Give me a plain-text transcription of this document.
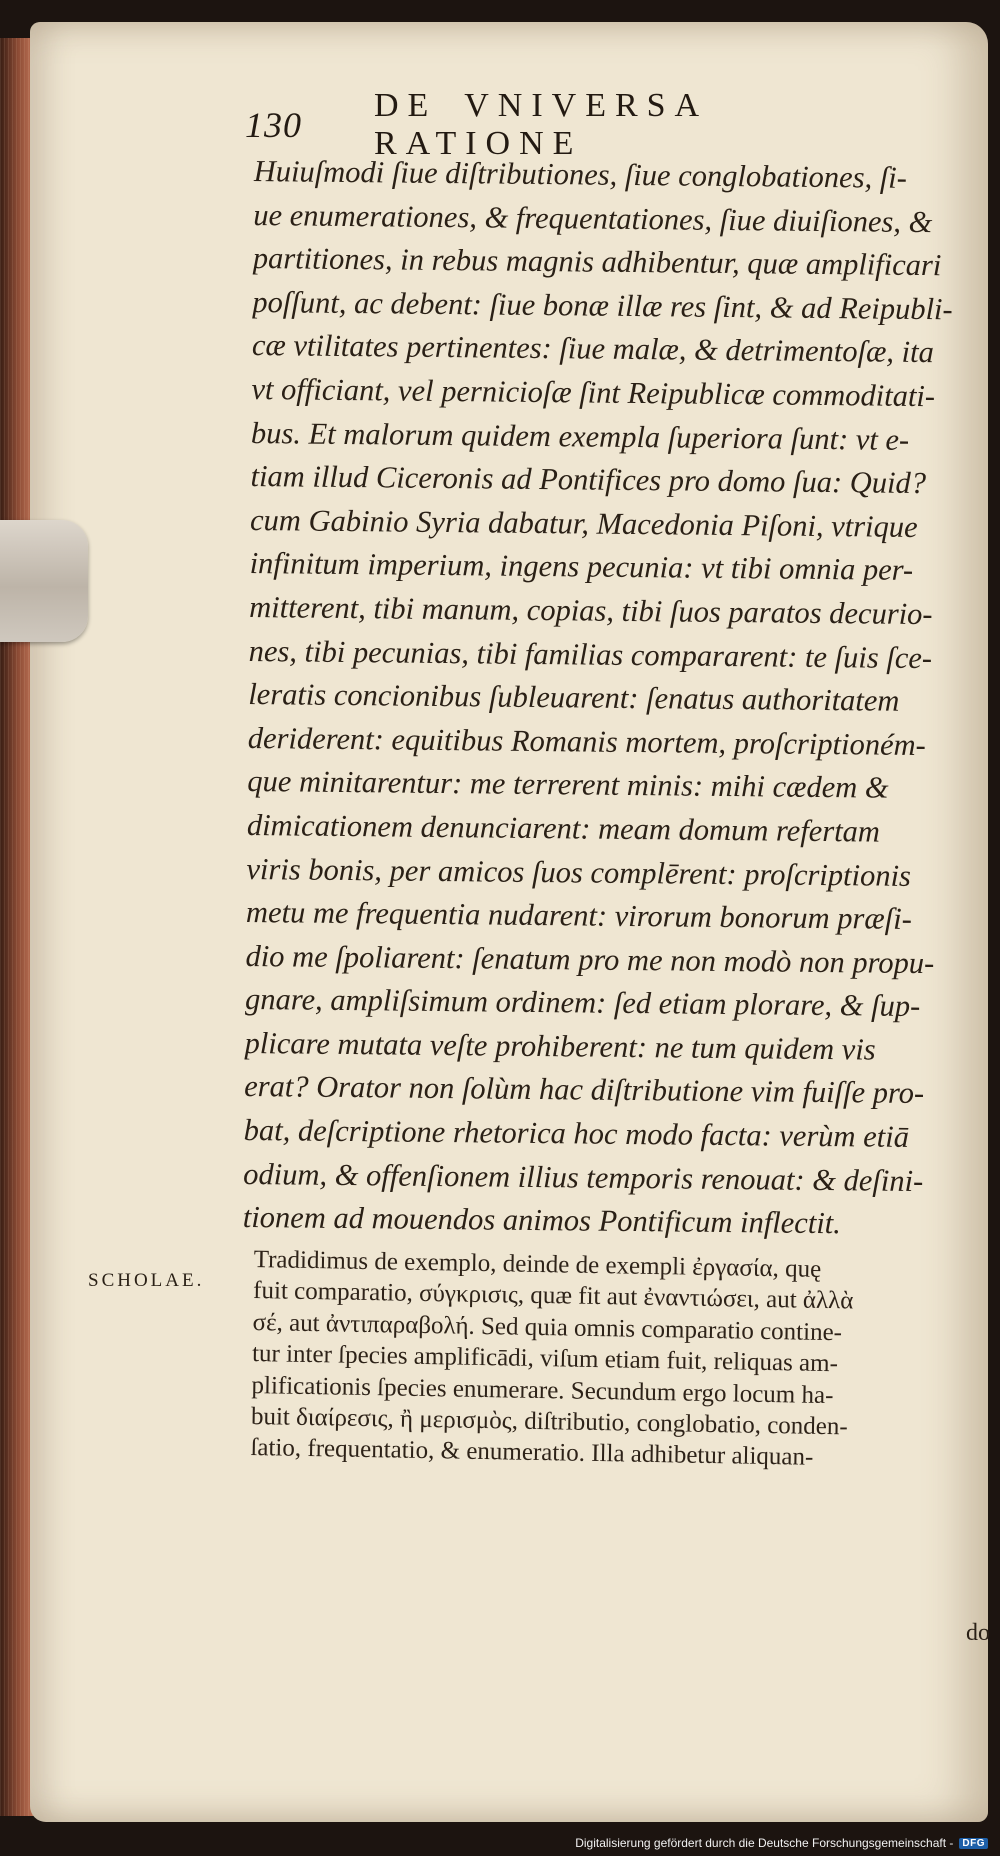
130 DE VNIVERSA RATIONE
Huiuſmodi ſiue diſtributiones, ſiue conglobationes, ſi-
ue enumerationes, & frequentationes, ſiue diuiſiones, &
partitiones, in rebus magnis adhibentur, quæ amplificari
poſſunt, ac debent: ſiue bonæ illæ res ſint, & ad Reipubli-
cæ vtilitates pertinentes: ſiue malæ, & detrimentoſæ, ita
vt officiant, vel pernicioſæ ſint Reipublicæ commoditati-
bus. Et malorum quidem exempla ſuperiora ſunt: vt e-
tiam illud Ciceronis ad Pontifices pro domo ſua: Quid?
cum Gabinio Syria dabatur, Macedonia Piſoni, vtrique
infinitum imperium, ingens pecunia: vt tibi omnia per-
mitterent, tibi manum, copias, tibi ſuos paratos decurio-
nes, tibi pecunias, tibi familias compararent: te ſuis ſce-
leratis concionibus ſubleuarent: ſenatus authoritatem
deriderent: equitibus Romanis mortem, proſcriptioném-
que minitarentur: me terrerent minis: mihi cædem &
dimicationem denunciarent: meam domum refertam
viris bonis, per amicos ſuos complērent: proſcriptionis
metu me frequentia nudarent: virorum bonorum præſi-
dio me ſpoliarent: ſenatum pro me non modò non propu-
gnare, ampliſsimum ordinem: ſed etiam plorare, & ſup-
plicare mutata veſte prohiberent: ne tum quidem vis
erat? Orator non ſolùm hac diſtributione vim fuiſſe pro-
bat, deſcriptione rhetorica hoc modo facta: verùm etiā
odium, & offenſionem illius temporis renouat: & deſini-
tionem ad mouendos animos Pontificum inflectit.
SCHOLAE. Tradidimus de exemplo, deinde de exempli ἐργασία, quę
fuit comparatio, σύγκρισις, quæ fit aut ἐναντιώσει, aut ἀλλὰ
σέ, aut ἀντιπαραβολή. Sed quia omnis comparatio contine-
tur inter ſpecies amplificādi, viſum etiam fuit, reliquas am-
plificationis ſpecies enumerare. Secundum ergo locum ha-
buit διαίρεσις, ἢ μερισμὸς, diſtributio, conglobatio, conden-
ſatio, frequentatio, & enumeratio. Illa adhibetur aliquan-
do
Digitalisierung gefördert durch die Deutsche Forschungsgemeinschaft - DFG
